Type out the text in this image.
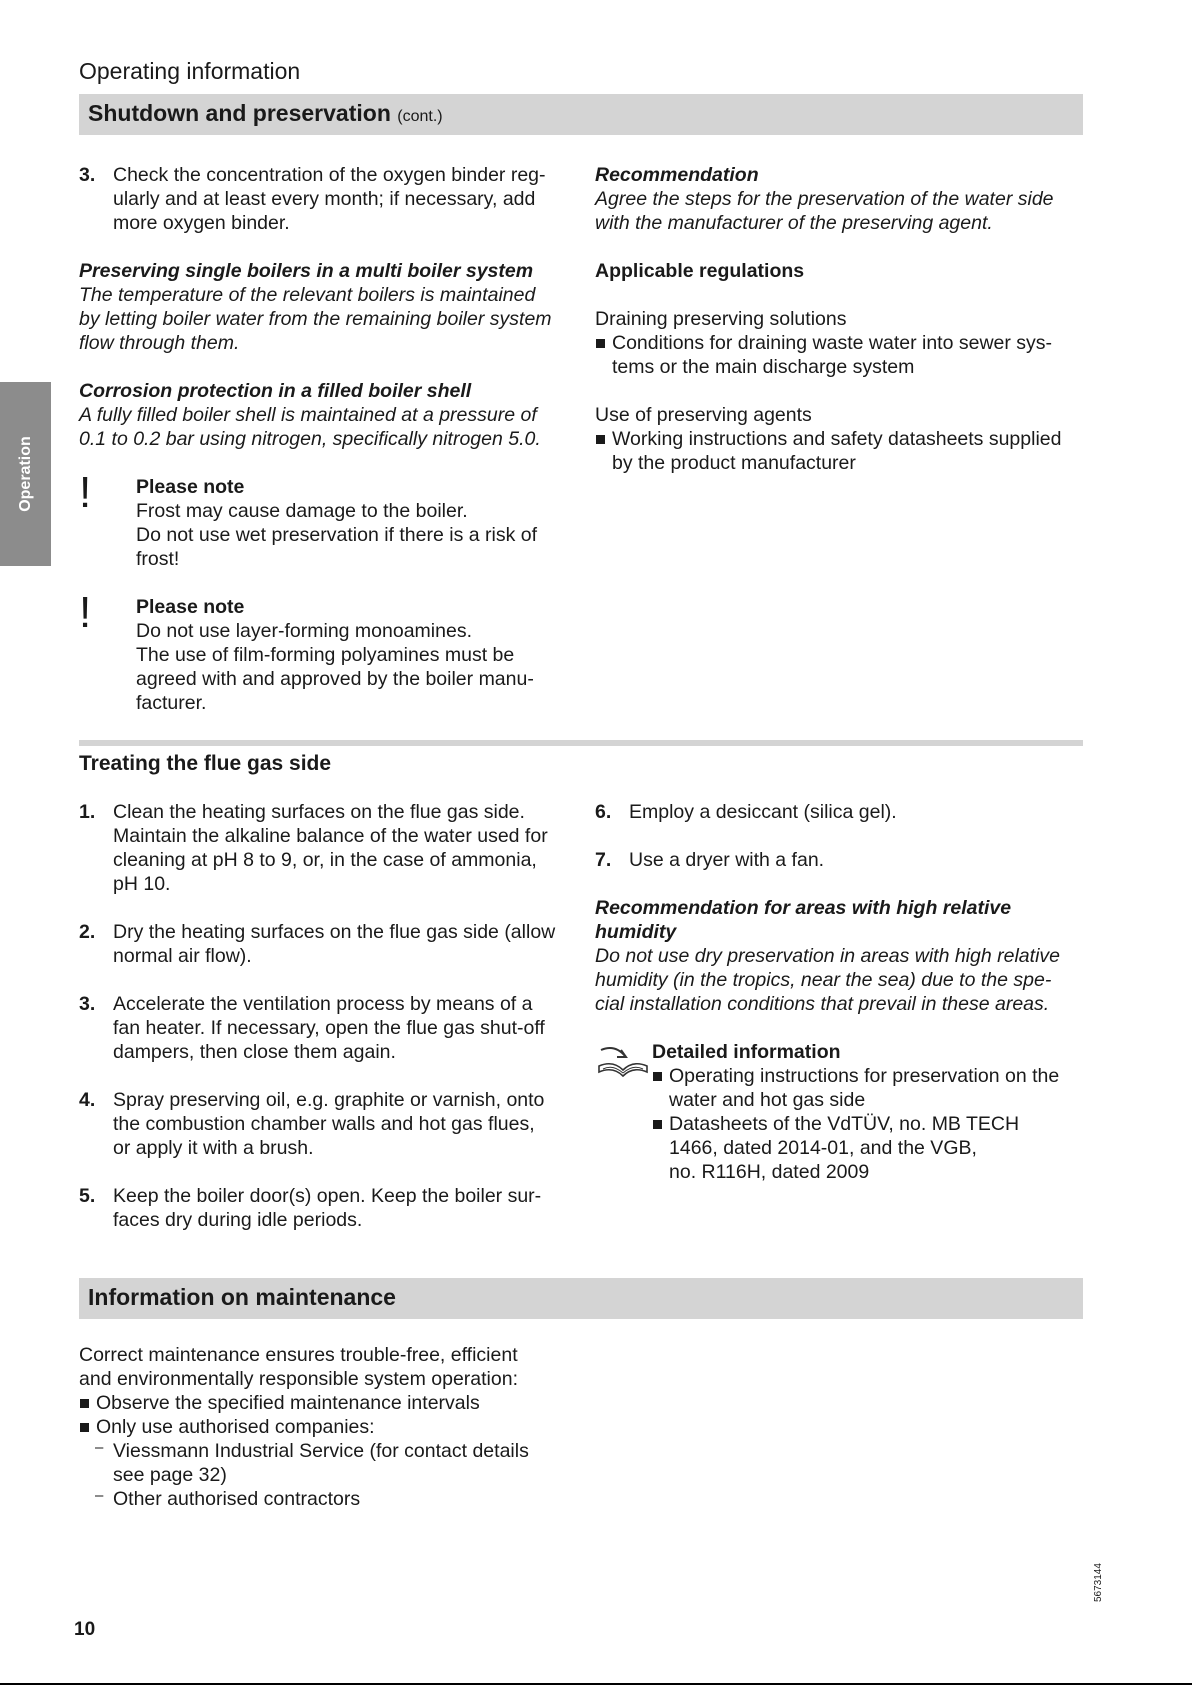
Operating information
Shutdown and preservation (cont.)
Operation
3. Check the concentration of the oxygen binder reg-
ularly and at least every month; if necessary, add
more oxygen binder.
Preserving single boilers in a multi boiler system
The temperature of the relevant boilers is maintained
by letting boiler water from the remaining boiler system
flow through them.
Corrosion protection in a filled boiler shell
A fully filled boiler shell is maintained at a pressure of
0.1 to 0.2 bar using nitrogen, specifically nitrogen 5.0.
! Please note
Frost may cause damage to the boiler.
Do not use wet preservation if there is a risk of
frost!
! Please note
Do not use layer-forming monoamines.
The use of film-forming polyamines must be
agreed with and approved by the boiler manu-
facturer.
Recommendation
Agree the steps for the preservation of the water side
with the manufacturer of the preserving agent.
Applicable regulations
Draining preserving solutions
Conditions for draining waste water into sewer sys-
tems or the main discharge system
Use of preserving agents
Working instructions and safety datasheets supplied
by the product manufacturer
Treating the flue gas side
1. Clean the heating surfaces on the flue gas side.
Maintain the alkaline balance of the water used for
cleaning at pH 8 to 9, or, in the case of ammonia,
pH 10.
2. Dry the heating surfaces on the flue gas side (allow
normal air flow).
3. Accelerate the ventilation process by means of a
fan heater. If necessary, open the flue gas shut-off
dampers, then close them again.
4. Spray preserving oil, e.g. graphite or varnish, onto
the combustion chamber walls and hot gas flues,
or apply it with a brush.
5. Keep the boiler door(s) open. Keep the boiler sur-
faces dry during idle periods.
6. Employ a desiccant (silica gel).
7. Use a dryer with a fan.
Recommendation for areas with high relative
humidity
Do not use dry preservation in areas with high relative
humidity (in the tropics, near the sea) due to the spe-
cial installation conditions that prevail in these areas.
Detailed information
Operating instructions for preservation on the
water and hot gas side
Datasheets of the VdTÜV, no. MB TECH
1466, dated 2014-01, and the VGB,
no. R116H, dated 2009
Information on maintenance
Correct maintenance ensures trouble-free, efficient
and environmentally responsible system operation:
Observe the specified maintenance intervals
Only use authorised companies:
– Viessmann Industrial Service (for contact details
see page 32)
– Other authorised contractors
10
5673144
